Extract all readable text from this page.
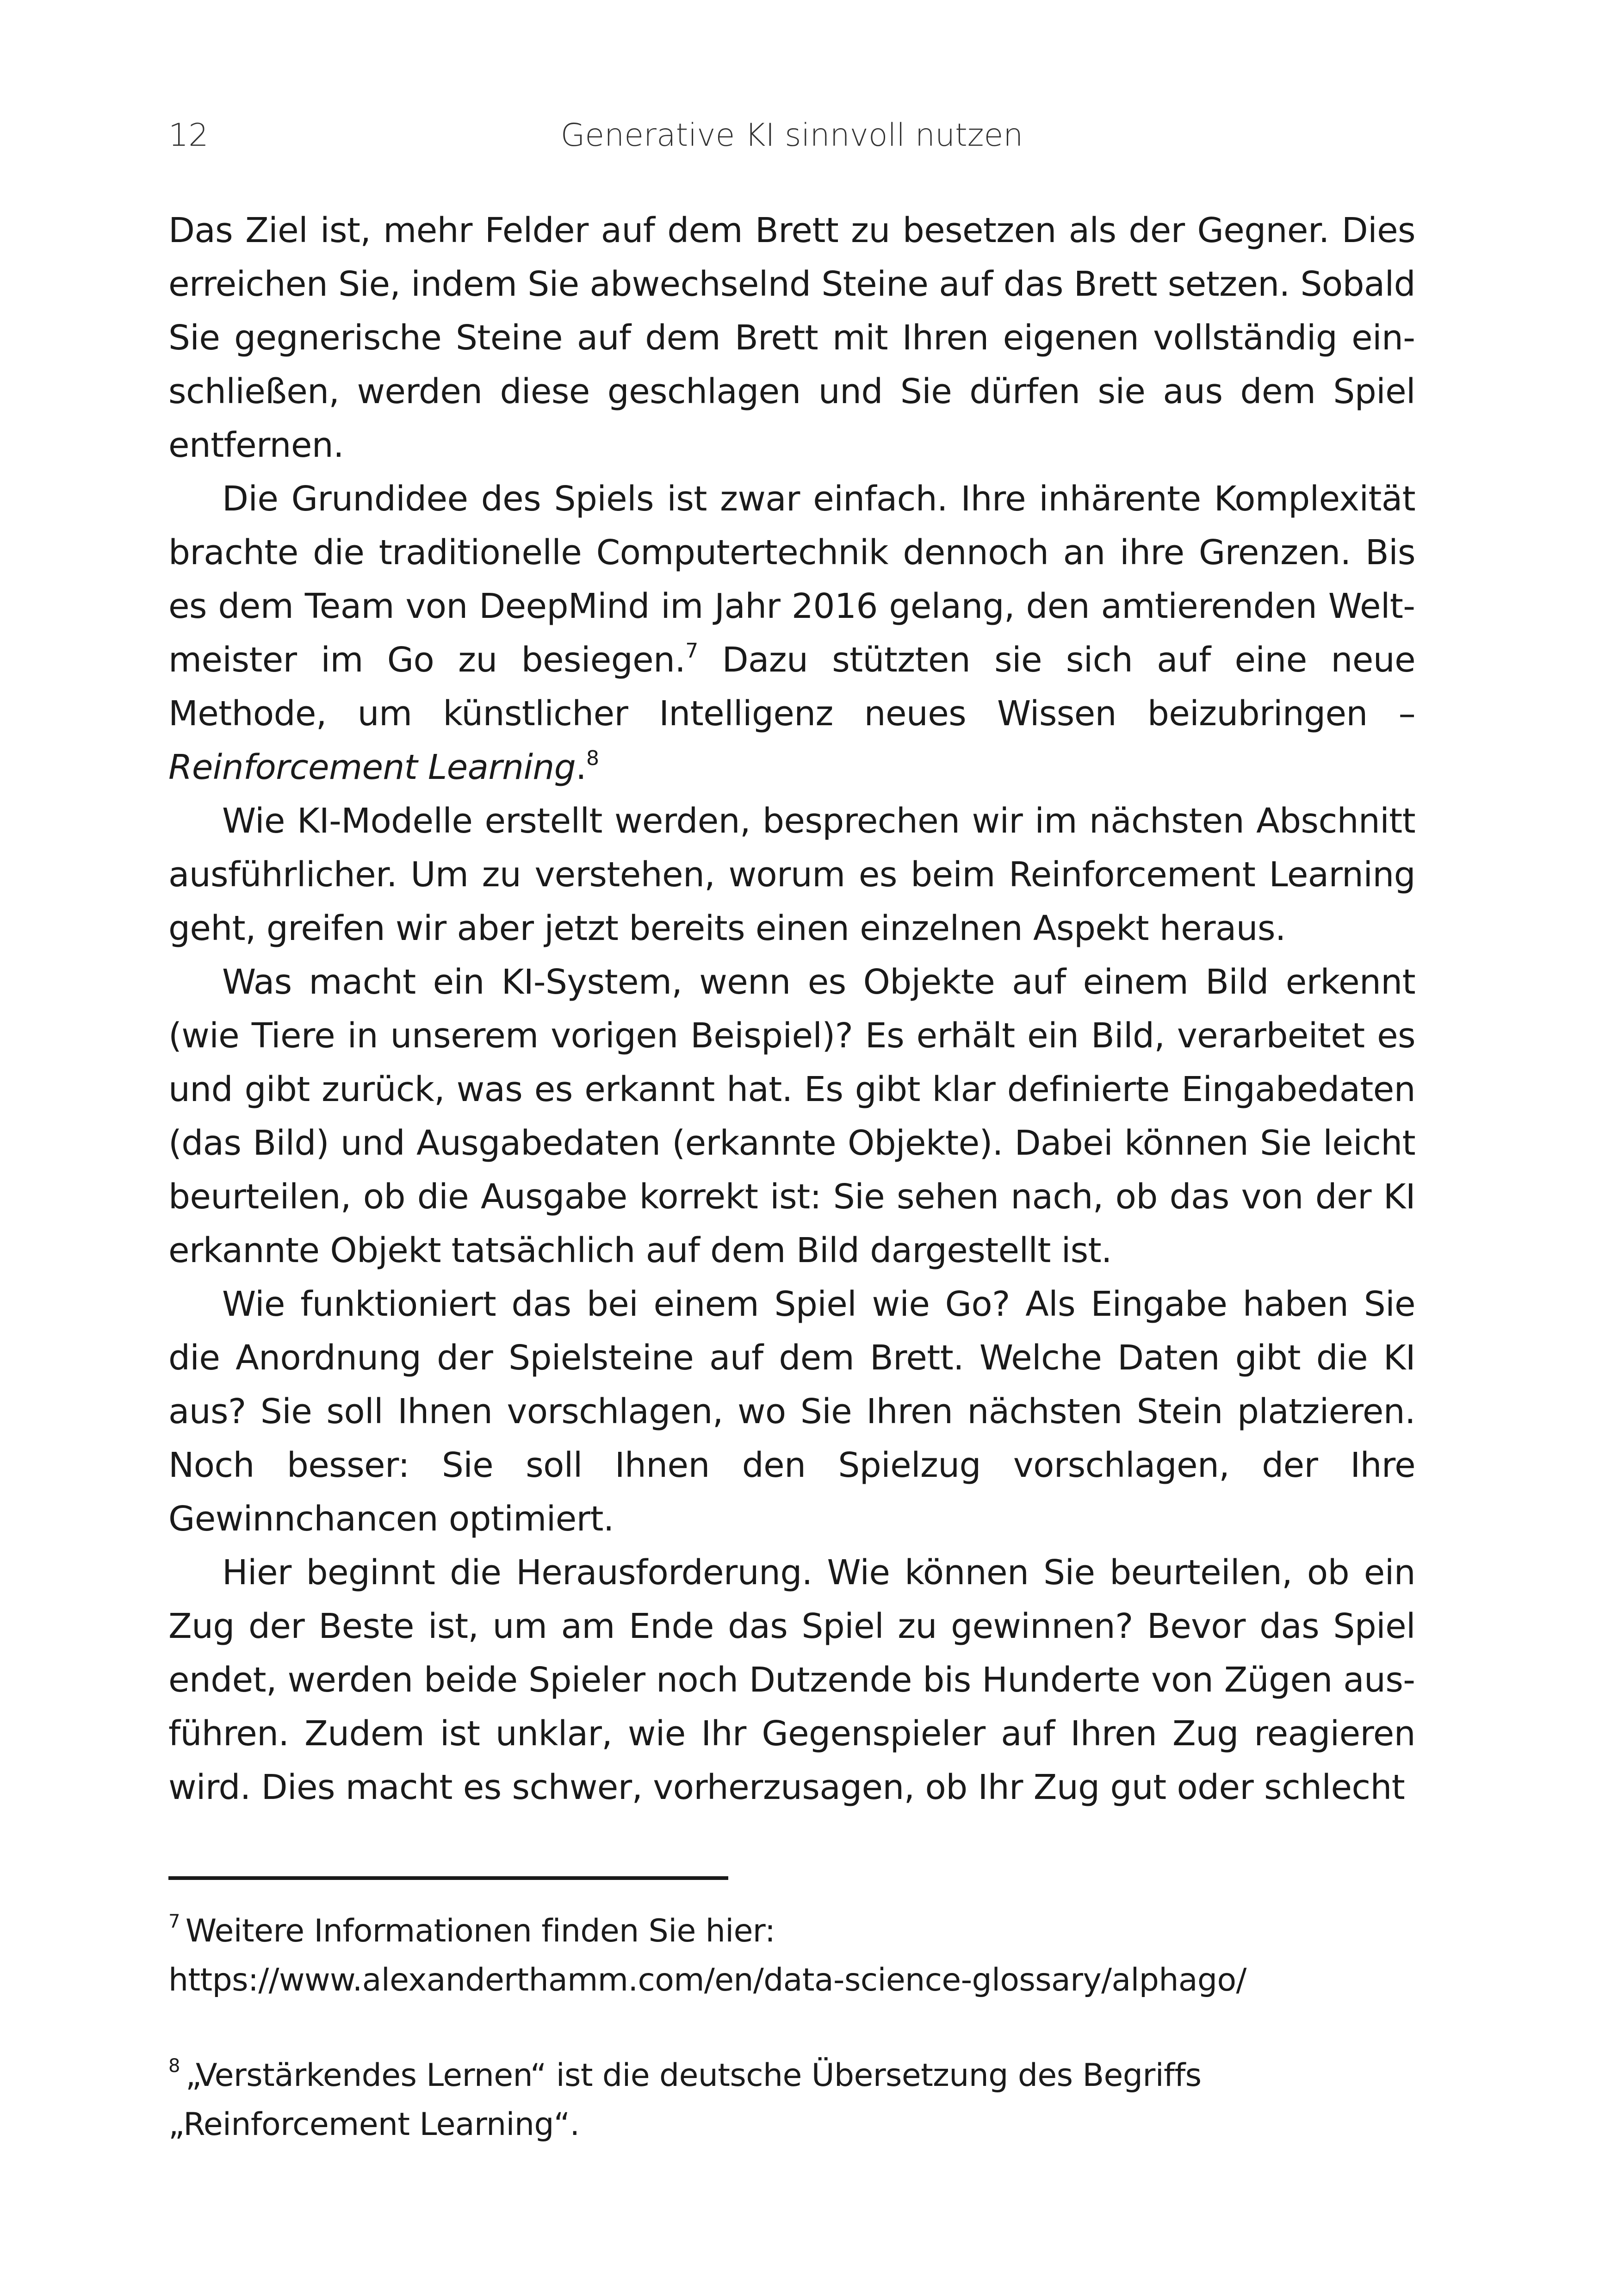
12	Generative KI sinnvoll nutzen

Das Ziel ist, mehr Felder auf dem Brett zu besetzen als der Gegner. Dies erreichen Sie, indem Sie abwechselnd Steine auf das Brett setzen. Sobald Sie gegnerische Steine auf dem Brett mit Ihren eigenen vollständig einschließen, werden diese geschlagen und Sie dürfen sie aus dem Spiel entfernen.

Die Grundidee des Spiels ist zwar einfach. Ihre inhärente Komplexität brachte die traditionelle Computertechnik dennoch an ihre Grenzen. Bis es dem Team von DeepMind im Jahr 2016 gelang, den amtierenden Weltmeister im Go zu besiegen.$^7$ Dazu stützten sie sich auf eine neue Methode, um künstlicher Intelligenz neues Wissen beizubringen – Reinforcement Learning.$^8$

Wie KI-Modelle erstellt werden, besprechen wir im nächsten Abschnitt ausführlicher. Um zu verstehen, worum es beim Reinforcement Learning geht, greifen wir aber jetzt bereits einen einzelnen Aspekt heraus.

Was macht ein KI-System, wenn es Objekte auf einem Bild erkennt (wie Tiere in unserem vorigen Beispiel)? Es erhält ein Bild, verarbeitet es und gibt zurück, was es erkannt hat. Es gibt klar definierte Eingabedaten (das Bild) und Ausgabedaten (erkannte Objekte). Dabei können Sie leicht beurteilen, ob die Ausgabe korrekt ist: Sie sehen nach, ob das von der KI erkannte Objekt tatsächlich auf dem Bild dargestellt ist.

Wie funktioniert das bei einem Spiel wie Go? Als Eingabe haben Sie die Anordnung der Spielsteine auf dem Brett. Welche Daten gibt die KI aus? Sie soll Ihnen vorschlagen, wo Sie Ihren nächsten Stein platzieren. Noch besser: Sie soll Ihnen den Spielzug vorschlagen, der Ihre Gewinnchancen optimiert.

Hier beginnt die Herausforderung. Wie können Sie beurteilen, ob ein Zug der Beste ist, um am Ende das Spiel zu gewinnen? Bevor das Spiel endet, werden beide Spieler noch Dutzende bis Hunderte von Zügen ausführen. Zudem ist unklar, wie Ihr Gegenspieler auf Ihren Zug reagieren wird. Dies macht es schwer, vorherzusagen, ob Ihr Zug gut oder schlecht

$^7$ Weitere Informationen finden Sie hier:
https://www.alexanderthamm.com/en/data-science-glossary/alphago/
$^8$ „Verstärkendes Lernen“ ist die deutsche Übersetzung des Begriffs
„Reinforcement Learning“.
